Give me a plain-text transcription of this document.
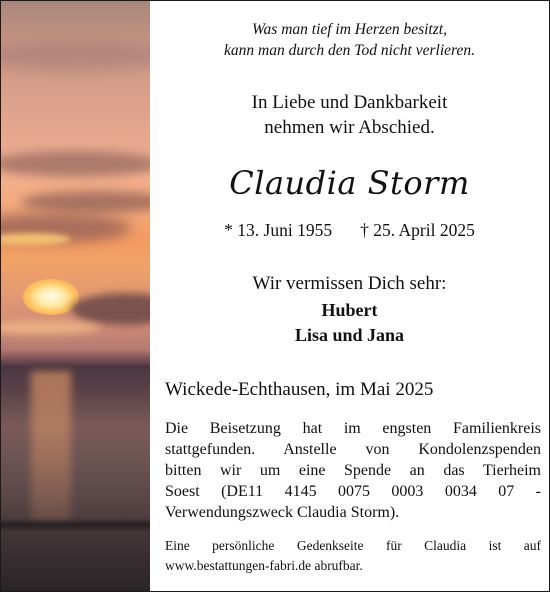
Was man tief im Herzen besitzt,
kann man durch den Tod nicht verlieren.
In Liebe und Dankbarkeit
nehmen wir Abschied.
Claudia Storm
* 13. Juni 1955 † 25. April 2025
Wir vermissen Dich sehr:
Hubert
Lisa und Jana
Wickede-Echthausen, im Mai 2025
Die Beisetzung hat im engsten Familienkreis
stattgefunden. Anstelle von Kondolenzspenden
bitten wir um eine Spende an das Tierheim
Soest (DE11 4145 0075 0003 0034 07 -
Verwendungszweck Claudia Storm).
Eine persönliche Gedenkseite für Claudia ist auf
www.bestattungen-fabri.de abrufbar.
